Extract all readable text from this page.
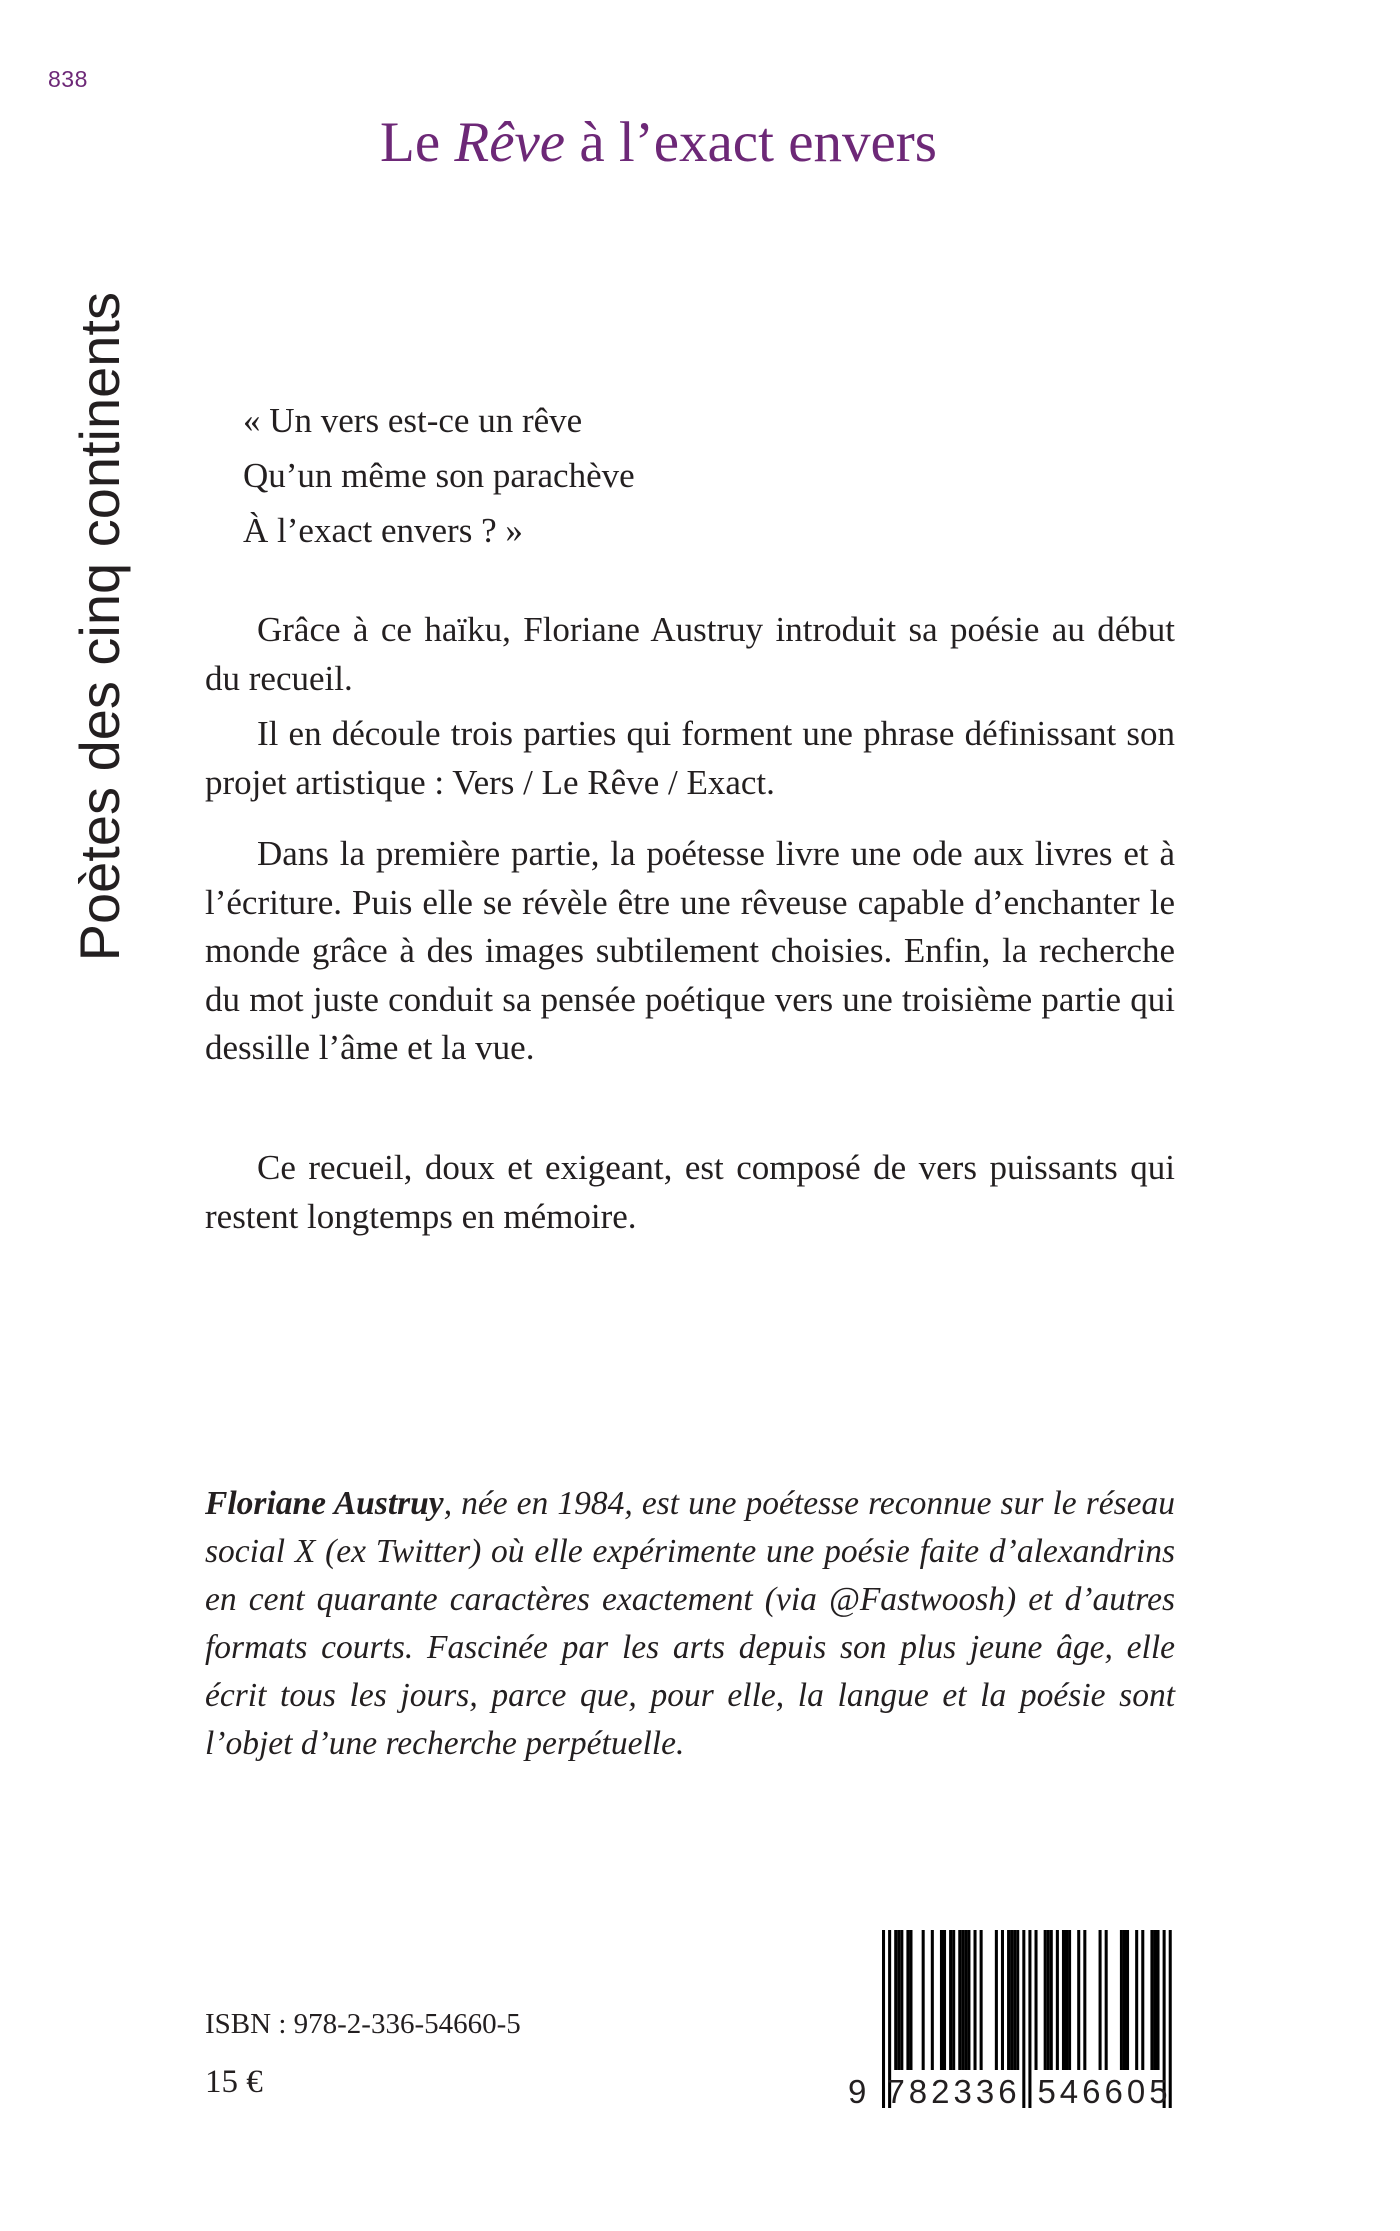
838
Poètes des cinq continents
Le Rêve à l’exact envers
« Un vers est-ce un rêve
Qu’un même son parachève
À l’exact envers ? »

Grâce à ce haïku, Floriane Austruy introduit sa poésie au début du recueil.

Il en découle trois parties qui forment une phrase définissant son projet artistique : Vers / Le Rêve / Exact.

Dans la première partie, la poétesse livre une ode aux livres et à l’écriture. Puis elle se révèle être une rêveuse capable d’enchanter le monde grâce à des images subtilement choisies. Enfin, la recherche du mot juste conduit sa pensée poétique vers une troisième partie qui dessille l’âme et la vue.

Ce recueil, doux et exigeant, est composé de vers puissants qui restent longtemps en mémoire.

Floriane Austruy, née en 1984, est une poétesse reconnue sur le réseau social X (ex Twitter) où elle expérimente une poésie faite d’alexandrins en cent quarante caractères exactement (via @Fastwoosh) et d’autres formats courts. Fascinée par les arts depuis son plus jeune âge, elle écrit tous les jours, parce que, pour elle, la langue et la poésie sont l’objet d’une recherche perpétuelle.
ISBN : 978-2-336-54660-5
15 €	9 782336 546605
